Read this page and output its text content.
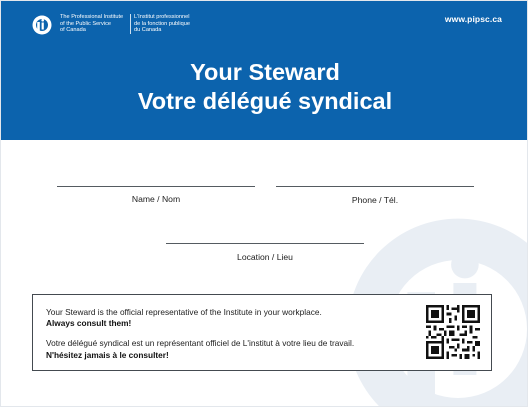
The Professional Institute
of the Public Service
of Canada
L'Institut professionnel
de la fonction publique
du Canada
www.pipsc.ca
Your Steward
Votre délégué syndical
Name / Nom	Phone / Tél.
Location / Lieu
Your Steward is the official representative of the Institute in your workplace.
Always consult them!
Votre délégué syndical est un représentant officiel de L'institut à votre lieu de travail.
N'hésitez jamais à le consulter!
